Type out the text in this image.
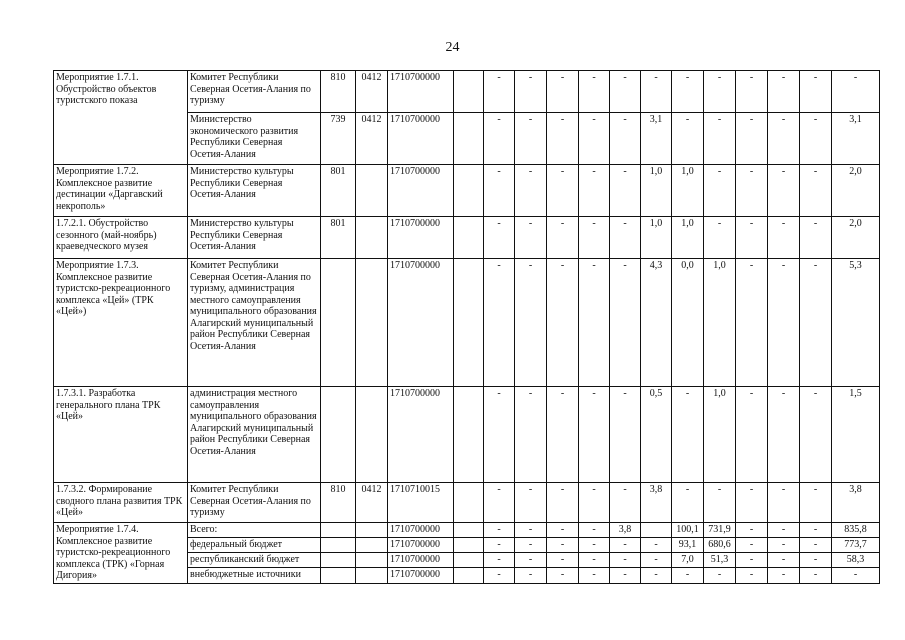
24
Мероприятие 1.7.1. Обустройство объектов туристского показа	Комитет Республики Северная Осетия-Алания по туризму	810	0412	1710700000		-	-	-	-	-	-	-	-	-	-	-	-
	Министерство экономического развития Республики Северная Осетия-Алания	739	0412	1710700000		-	-	-	-	-	3,1	-	-	-	-	-	3,1
Мероприятие 1.7.2. Комплексное развитие дестинации «Даргавский некрополь»	Министерство культуры Республики Северная Осетия-Алания	801		1710700000		-	-	-	-	-	1,0	1,0	-	-	-	-	2,0
1.7.2.1. Обустройство сезонного (май-ноябрь) краеведческого музея	Министерство культуры Республики Северная Осетия-Алания	801		1710700000		-	-	-	-	-	1,0	1,0	-	-	-	-	2,0
Мероприятие 1.7.3. Комплексное развитие туристско-рекреационного комплекса «Цей» (ТРК «Цей»)	Комитет Республики Северная Осетия-Алания по туризму, администрация местного самоуправления муниципального образования Алагирский муниципальный район Республики Северная Осетия-Алания			1710700000		-	-	-	-	-	4,3	0,0	1,0	-	-	-	5,3
1.7.3.1. Разработка генерального плана ТРК «Цей»	администрация местного самоуправления муниципального образования Алагирский муниципальный район Республики Северная Осетия-Алания			1710700000		-	-	-	-	-	0,5	-	1,0	-	-	-	1,5
1.7.3.2. Формирование сводного плана развития ТРК «Цей»	Комитет Республики Северная Осетия-Алания по туризму	810	0412	1710710015		-	-	-	-	-	3,8	-	-	-	-	-	3,8
Мероприятие 1.7.4. Комплексное развитие туристско-рекреационного комплекса (ТРК) «Горная Дигория»	Всего:			1710700000		-	-	-	-	3,8		100,1	731,9	-	-	-	835,8
	федеральный бюджет			1710700000		-	-	-	-	-	-	93,1	680,6	-	-	-	773,7
	республиканский бюджет			1710700000		-	-	-	-	-	-	7,0	51,3	-	-	-	58,3
	внебюджетные источники			1710700000		-	-	-	-	-	-	-	-	-	-	-	-
